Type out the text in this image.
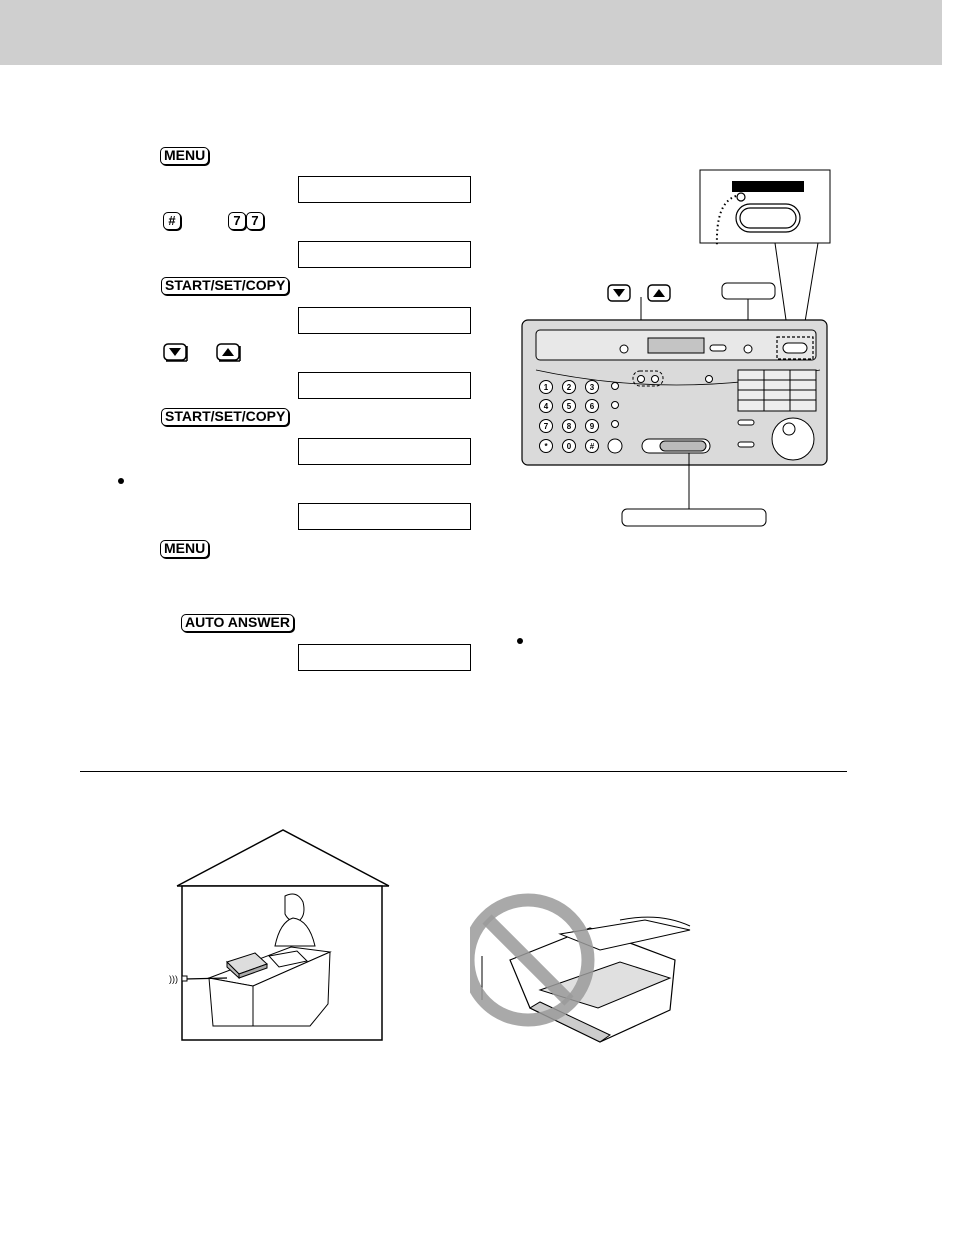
MENU
#	7 7
START/SET/COPY
START/SET/COPY
MENU
AUTO ANSWER
1 2 3
4 5 6
7 8 9
* 0 #
)))
